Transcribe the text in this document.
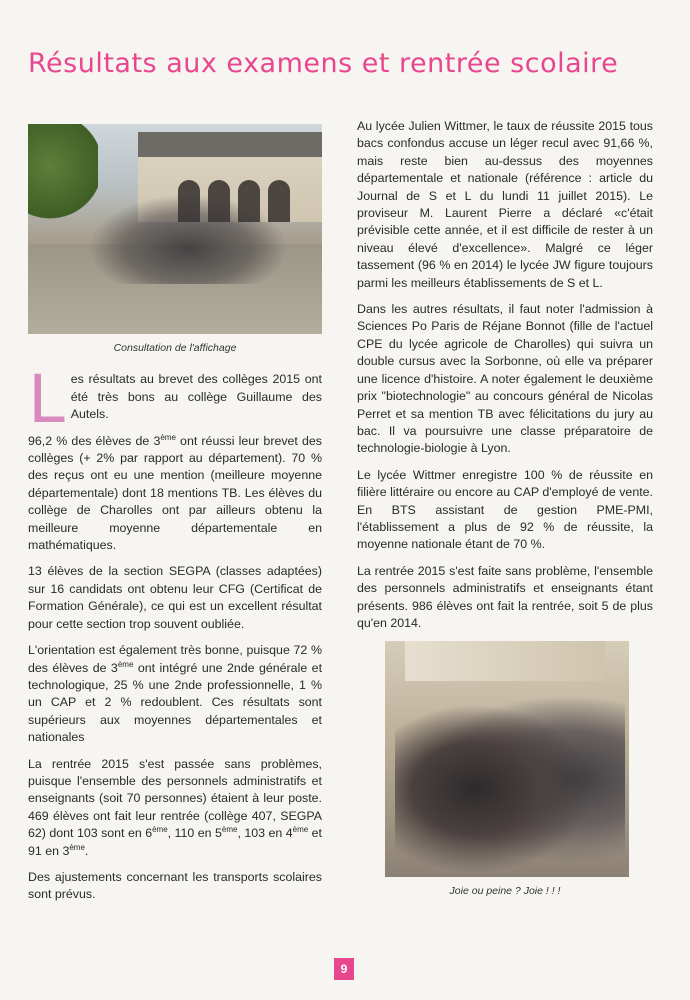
Résultats aux examens et rentrée scolaire
Consultation de l'affichage

Les résultats au brevet des collèges 2015 ont été très bons au collège Guillaume des Autels.

96,2 % des élèves de 3ème ont réussi leur brevet des collèges (+ 2% par rapport au département). 70 % des reçus ont eu une mention (meilleure moyenne départementale) dont 18 mentions TB. Les élèves du collège de Charolles ont par ailleurs obtenu la meilleure moyenne départementale en mathématiques.

13 élèves de la section SEGPA (classes adaptées) sur 16 candidats ont obtenu leur CFG (Certificat de Formation Générale), ce qui est un excellent résultat pour cette section trop souvent oubliée.

L'orientation est également très bonne, puisque 72 % des élèves de 3ème ont intégré une 2nde générale et technologique, 25 % une 2nde professionnelle, 1 % un CAP et 2 % redoublent. Ces résultats sont supérieurs aux moyennes départementales et nationales

La rentrée 2015 s'est passée sans problèmes, puisque l'ensemble des personnels administratifs et enseignants (soit 70 personnes) étaient à leur poste. 469 élèves ont fait leur rentrée (collège 407, SEGPA 62) dont 103 sont en 6ème, 110 en 5ème, 103 en 4ème et 91 en 3ème.

Des ajustements concernant les transports scolaires sont prévus.

Au lycée Julien Wittmer, le taux de réussite 2015 tous bacs confondus accuse un léger recul avec 91,66 %, mais reste bien au-dessus des moyennes départementale et nationale (référence : article du Journal de S et L du lundi 11 juillet 2015). Le proviseur M. Laurent Pierre a déclaré «c'était prévisible cette année, et il est difficile de rester à un niveau élevé d'excellence». Malgré ce léger tassement (96 % en 2014) le lycée JW figure toujours parmi les meilleurs établissements de S et L.

Dans les autres résultats, il faut noter l'admission à Sciences Po Paris de Réjane Bonnot (fille de l'actuel CPE du lycée agricole de Charolles) qui suivra un double cursus avec la Sorbonne, où elle va préparer une licence d'histoire. A noter également le deuxième prix "biotechnologie" au concours général de Nicolas Perret et sa mention TB avec félicitations du jury au bac. Il va poursuivre une classe préparatoire de technologie-biologie à Lyon.

Le lycée Wittmer enregistre 100 % de réussite en filière littéraire ou encore au CAP d'employé de vente. En BTS assistant de gestion PME-PMI, l'établissement a plus de 92 % de réussite, la moyenne nationale étant de 70 %.

La rentrée 2015 s'est faite sans problème, l'ensemble des personnels administratifs et enseignants étant présents. 986 élèves ont fait la rentrée, soit 5 de plus qu'en 2014.

Joie ou peine ? Joie ! ! !
9
